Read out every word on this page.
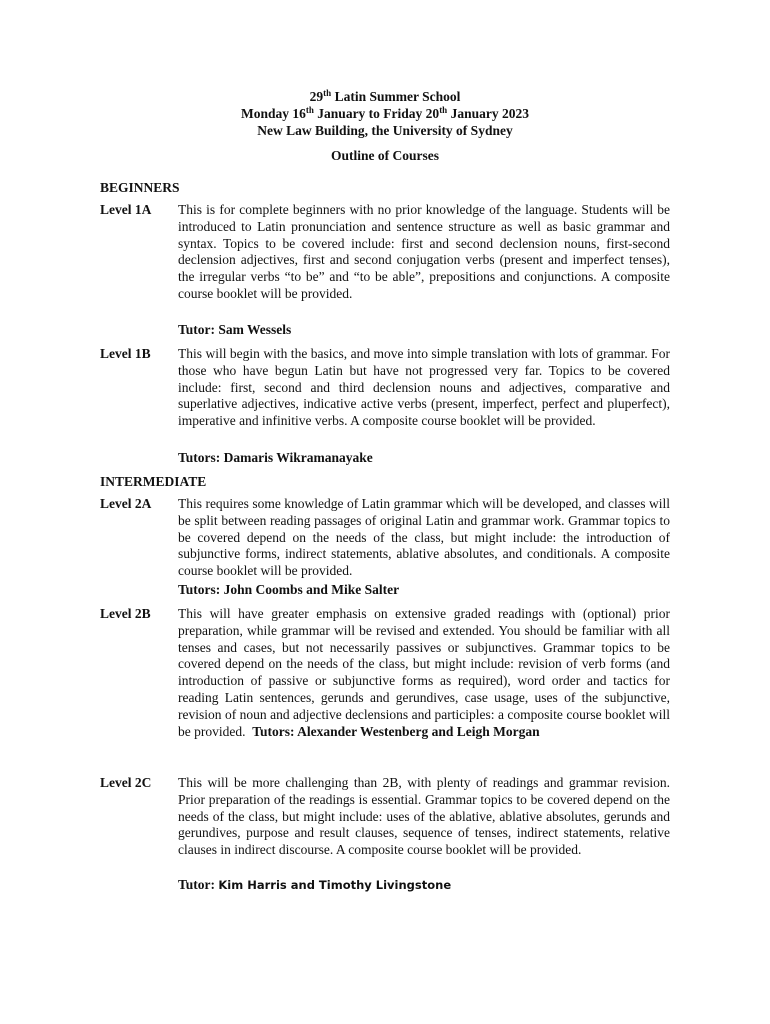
29th Latin Summer School
Monday 16th January to Friday 20th January 2023
New Law Building, the University of Sydney
Outline of Courses
BEGINNERS
Level 1A This is for complete beginners with no prior knowledge of the language. Students will be introduced to Latin pronunciation and sentence structure as well as basic grammar and syntax. Topics to be covered include: first and second declension nouns, first-second declension adjectives, first and second conjugation verbs (present and imperfect tenses), the irregular verbs “to be” and “to be able”, prepositions and conjunctions. A composite course booklet will be provided.
Tutor: Sam Wessels
Level 1B This will begin with the basics, and move into simple translation with lots of grammar. For those who have begun Latin but have not progressed very far. Topics to be covered include: first, second and third declension nouns and adjectives, comparative and superlative adjectives, indicative active verbs (present, imperfect, perfect and pluperfect), imperative and infinitive verbs. A composite course booklet will be provided.
Tutors: Damaris Wikramanayake
INTERMEDIATE
Level 2A This requires some knowledge of Latin grammar which will be developed, and classes will be split between reading passages of original Latin and grammar work. Grammar topics to be covered depend on the needs of the class, but might include: the introduction of subjunctive forms, indirect statements, ablative absolutes, and conditionals. A composite course booklet will be provided.
Tutors: John Coombs and Mike Salter
Level 2B This will have greater emphasis on extensive graded readings with (optional) prior preparation, while grammar will be revised and extended. You should be familiar with all tenses and cases, but not necessarily passives or subjunctives. Grammar topics to be covered depend on the needs of the class, but might include: revision of verb forms (and introduction of passive or subjunctive forms as required), word order and tactics for reading Latin sentences, gerunds and gerundives, case usage, uses of the subjunctive, revision of noun and adjective declensions and participles: a composite course booklet will be provided. Tutors: Alexander Westenberg and Leigh Morgan
Level 2C This will be more challenging than 2B, with plenty of readings and grammar revision. Prior preparation of the readings is essential. Grammar topics to be covered depend on the needs of the class, but might include: uses of the ablative, ablative absolutes, gerunds and gerundives, purpose and result clauses, sequence of tenses, indirect statements, relative clauses in indirect discourse. A composite course booklet will be provided.
Tutor: Kim Harris and Timothy Livingstone
